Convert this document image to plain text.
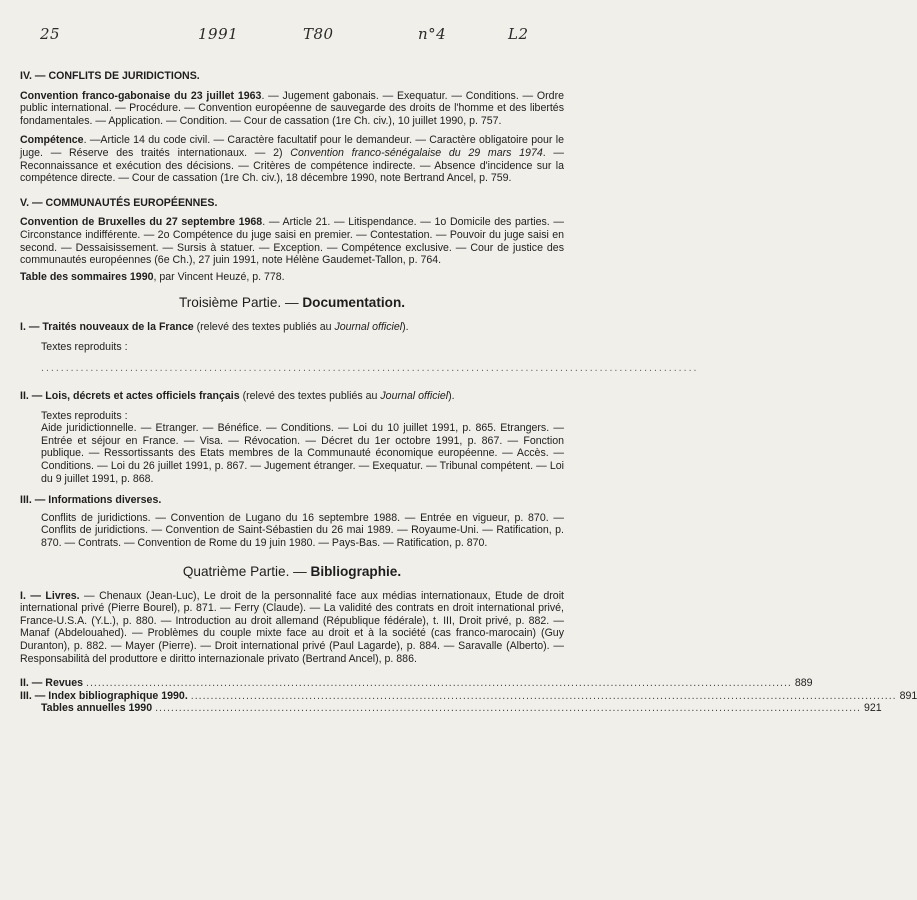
25	1991	T80	n°4	L2

IV. — CONFLITS DE JURIDICTIONS.

Convention franco-gabonaise du 23 juillet 1963. — Jugement gabonais. — Exequatur. — Conditions. — Ordre public international. — Procédure. — Convention européenne de sauvegarde des droits de l'homme et des libertés fondamentales. — Application. — Condition. — Cour de cassation (1re Ch. civ.), 10 juillet 1990, p. 757.

Compétence. —Article 14 du code civil. — Caractère facultatif pour le demandeur. — Caractère obligatoire pour le juge. — Réserve des traités internationaux. — 2) Convention franco-sénégalaise du 29 mars 1974. — Reconnaissance et exécution des décisions. — Critères de compétence indirecte. — Absence d'incidence sur la compétence directe. — Cour de cassation (1re Ch. civ.), 18 décembre 1990, note Bertrand Ancel, p. 759.

V. — COMMUNAUTÉS EUROPÉENNES.

Convention de Bruxelles du 27 septembre 1968. — Article 21. — Litispendance. — 1o Domicile des parties. — Circonstance indifférente. — 2o Compétence du juge saisi en premier. — Contestation. — Pouvoir du juge saisi en second. — Dessaisissement. — Sursis à statuer. — Exception. — Compétence exclusive. — Cour de justice des communautés européennes (6e Ch.), 27 juin 1991, note Hélène Gaudemet-Tallon, p. 764.

Table des sommaires 1990, par Vincent Heuzé, p. 778.

Troisième Partie. — Documentation.

I. — Traités nouveaux de la France (relevé des textes publiés au Journal officiel).

Textes reproduits :

.....................................................................................................................................

II. — Lois, décrets et actes officiels français (relevé des textes publiés au Journal officiel).

Textes reproduits :

Aide juridictionnelle. — Etranger. — Bénéfice. — Conditions. — Loi du 10 juillet 1991, p. 865. Etrangers. — Entrée et séjour en France. — Visa. — Révocation. — Décret du 1er octobre 1991, p. 867. — Fonction publique. — Ressortissants des Etats membres de la Communauté économique européenne. — Accès. — Conditions. — Loi du 26 juillet 1991, p. 867. — Jugement étranger. — Exequatur. — Tribunal compétent. — Loi du 9 juillet 1991, p. 868.

III. — Informations diverses.

Conflits de juridictions. — Convention de Lugano du 16 septembre 1988. — Entrée en vigueur, p. 870. — Conflits de juridictions. — Convention de Saint-Sébastien du 26 mai 1989. — Royaume-Uni. — Ratification, p. 870. — Contrats. — Convention de Rome du 19 juin 1980. — Pays-Bas. — Ratification, p. 870.

Quatrième Partie. — Bibliographie.

I. — Livres. — Chenaux (Jean-Luc), Le droit de la personnalité face aux médias internationaux, Etude de droit international privé (Pierre Bourel), p. 871. — Ferry (Claude). — La validité des contrats en droit international privé, France-U.S.A. (Y.L.), p. 880. — Introduction au droit allemand (République fédérale), t. III, Droit privé, p. 882. — Manaf (Abdelouahed). — Problèmes du couple mixte face au droit et à la société (cas franco-marocain) (Guy Duranton), p. 882. — Mayer (Pierre). — Droit international privé (Paul Lagarde), p. 884. — Saravalle (Alberto). — Responsabilità del produttore e diritto internazionale privato (Bertrand Ancel), p. 886.

II. — Revues ................................................................................................................................................................................... 889
III. — Index bibliographique 1990. ................................................................................................................................................................................... 891
Tables annuelles 1990 ................................................................................................................................................................................... 921
